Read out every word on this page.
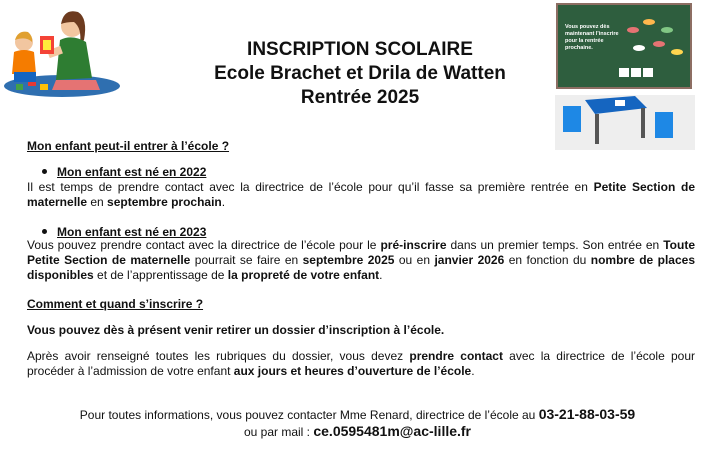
Vous pouvez dès
maintenant l'inscrire
pour la rentrée
prochaine.
INSCRIPTION SCOLAIRE
Ecole Brachet et Drila de Watten
Rentrée 2025
Mon enfant peut-il entrer à l’école ?
Mon enfant est né en 2022
Il est temps de prendre contact avec la directrice de l’école pour qu’il fasse sa première rentrée en Petite Section de maternelle en septembre prochain.
Mon enfant est né en 2023
Vous pouvez prendre contact avec la directrice de l’école pour le pré-inscrire dans un premier temps. Son entrée en Toute Petite Section de maternelle pourrait se faire en septembre 2025 ou en janvier 2026 en fonction du nombre de places disponibles et de l’apprentissage de la propreté de votre enfant.
Comment et quand s’inscrire ?
Vous pouvez dès à présent venir retirer un dossier d’inscription à l’école.
Après avoir renseigné toutes les rubriques du dossier, vous devez prendre contact avec la directrice de l’école pour procéder à l’admission de votre enfant aux jours et heures d’ouverture de l’école.
Pour toutes informations, vous pouvez contacter Mme Renard, directrice de l’école au 03-21-88-03-59
ou par mail : ce.0595481m@ac-lille.fr
